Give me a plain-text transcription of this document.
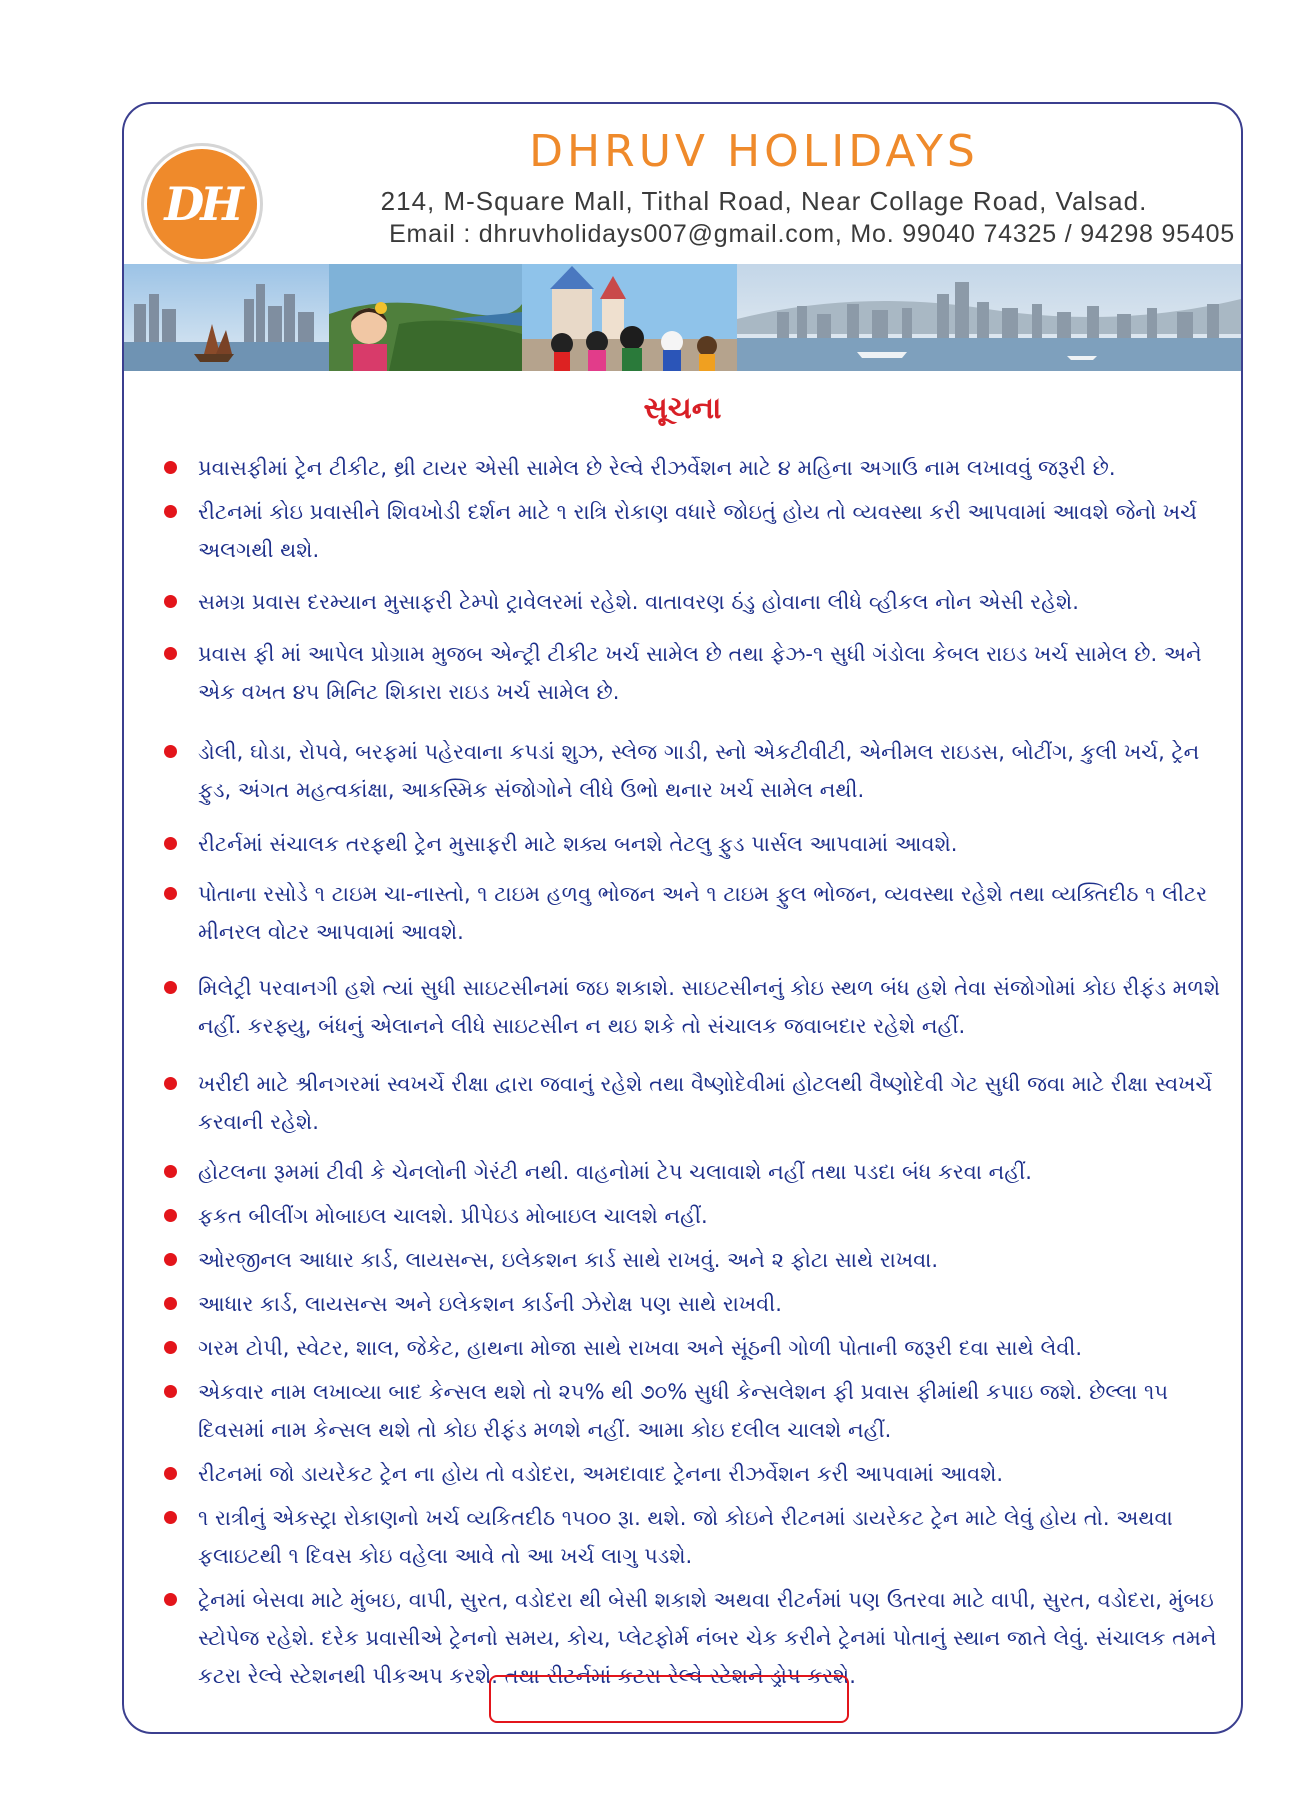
DH
DHRUV HOLIDAYS
214, M-Square Mall, Tithal Road, Near Collage Road, Valsad.
Email : dhruvholidays007@gmail.com, Mo. 99040 74325 / 94298 95405
સૂચના
પ્રવાસફીમાં ટ્રેન ટીકીટ, થ્રી ટાયર એસી સામેલ છે રેલ્વે રીઝર્વેશન માટે ૪ મહિના અગાઉ નામ લખાવવું જરૂરી છે.
રીટનમાં કોઇ પ્રવાસીને શિવખોડી દર્શન માટે ૧ રાત્રિ રોકાણ વધારે જોઇતું હોય તો વ્યવસ્થા કરી આપવામાં આવશે જેનો ખર્ચ અલગથી થશે.
સમગ્ર પ્રવાસ દરમ્યાન મુસાફરી ટેમ્પો ટ્રાવેલરમાં રહેશે. વાતાવરણ ઠંડુ હોવાના લીધે વ્હીકલ નોન એસી રહેશે.
પ્રવાસ ફી માં આપેલ પ્રોગ્રામ મુજબ એન્ટ્રી ટીકીટ ખર્ચ સામેલ છે તથા ફેઝ-૧ સુધી ગંડોલા કેબલ રાઇડ ખર્ચ સામેલ છે. અને એક વખત ૪૫ મિનિટ શિકારા રાઇડ ખર્ચ સામેલ છે.
ડોલી, ઘોડા, રોપવે, બરફમાં પહેરવાના કપડાં શુઝ, સ્લેજ ગાડી, સ્નો એકટીવીટી, એનીમલ રાઇડસ, બોટીંગ, કુલી ખર્ચ, ટ્રેન ફુડ, અંગત મહત્વકાંક્ષા, આકસ્મિક સંજોગોને લીધે ઉભો થનાર ખર્ચ સામેલ નથી.
રીટર્નમાં સંચાલક તરફથી ટ્રેન મુસાફરી માટે શક્ય બનશે તેટલુ ફુડ પાર્સલ આપવામાં આવશે.
પોતાના રસોડે ૧ ટાઇમ ચા-નાસ્તો, ૧ ટાઇમ હળવુ ભોજન અને ૧ ટાઇમ ફુલ ભોજન, વ્યવસ્થા રહેશે તથા વ્યક્તિદીઠ ૧ લીટર મીનરલ વોટર આપવામાં આવશે.
મિલેટ્રી પરવાનગી હશે ત્યાં સુધી સાઇટસીનમાં જઇ શકાશે. સાઇટસીનનું કોઇ સ્થળ બંધ હશે તેવા સંજોગોમાં કોઇ રીફંડ મળશે નહીં. કરફ્યુ, બંધનું એલાનને લીધે સાઇટસીન ન થઇ શકે તો સંચાલક જવાબદાર રહેશે નહીં.
ખરીદી માટે શ્રીનગરમાં સ્વખર્ચે રીક્ષા દ્વારા જવાનું રહેશે તથા વૈષ્ણોદેવીમાં હોટલથી વૈષ્ણોદેવી ગેટ સુધી જવા માટે રીક્ષા સ્વખર્ચે કરવાની રહેશે.
હોટલના રૂમમાં ટીવી કે ચેનલોની ગેરંટી નથી. વાહનોમાં ટેપ ચલાવાશે નહીં તથા પડદા બંધ કરવા નહીં.
ફકત બીલીંગ મોબાઇલ ચાલશે. પ્રીપેઇડ મોબાઇલ ચાલશે નહીં.
ઓરજીનલ આધાર કાર્ડ, લાયસન્સ, ઇલેકશન કાર્ડ સાથે રાખવું. અને ૨ ફોટા સાથે રાખવા.
આધાર કાર્ડ, લાયસન્સ અને ઇલેકશન કાર્ડની ઝેરોક્ષ પણ સાથે રાખવી.
ગરમ ટોપી, સ્વેટર, શાલ, જેકેટ, હાથના મોજા સાથે રાખવા અને સૂંઠની ગોળી પોતાની જરૂરી દવા સાથે લેવી.
એકવાર નામ લખાવ્યા બાદ કેન્સલ થશે તો ૨૫% થી ૭૦% સુધી કેન્સલેશન ફી પ્રવાસ ફીમાંથી કપાઇ જશે. છેલ્લા ૧૫ દિવસમાં નામ કેન્સલ થશે તો કોઇ રીફંડ મળશે નહીં. આમા કોઇ દલીલ ચાલશે નહીં.
રીટનમાં જો ડાયરેકટ ટ્રેન ના હોય તો વડોદરા, અમદાવાદ ટ્રેનના રીઝર્વેશન કરી આપવામાં આવશે.
૧ રાત્રીનું એકસ્ટ્રા રોકાણનો ખર્ચ વ્યકિતદીઠ ૧૫૦૦ રૂા. થશે. જો કોઇને રીટનમાં ડાયરેકટ ટ્રેન માટે લેવું હોય તો. અથવા ફલાઇટથી ૧ દિવસ કોઇ વહેલા આવે તો આ ખર્ચ લાગુ પડશે.
ટ્રેનમાં બેસવા માટે મુંબઇ, વાપી, સુરત, વડોદરા થી બેસી શકાશે અથવા રીટર્નમાં પણ ઉતરવા માટે વાપી, સુરત, વડોદરા, મુંબઇ સ્ટોપેજ રહેશે. દરેક પ્રવાસીએ ટ્રેનનો સમય, કોચ, પ્લેટફોર્મ નંબર ચેક કરીને ટ્રેનમાં પોતાનું સ્થાન જાતે લેવું. સંચાલક તમને કટરા રેલ્વે સ્ટેશનથી પીકઅપ કરશે. તથા રીટર્નમાં કટરા રેલ્વે સ્ટેશને ડ્રોપ કરશે.
